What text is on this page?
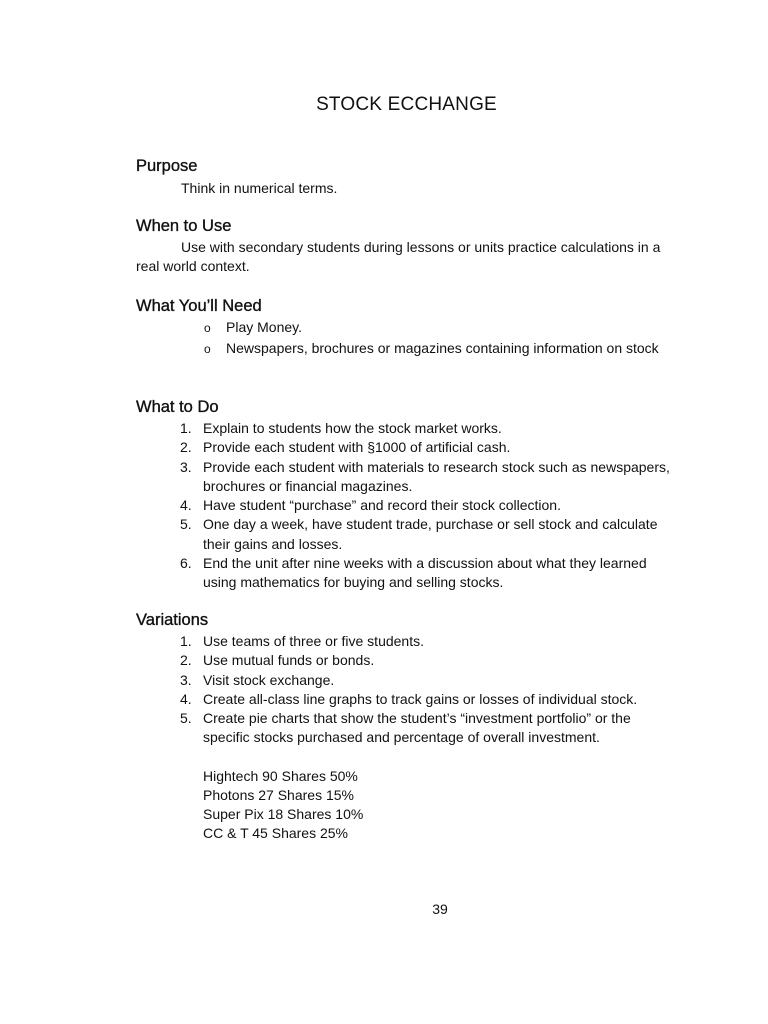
STOCK ECCHANGE
Purpose
Think in numerical terms.
When to Use
Use with secondary students during lessons or units practice calculations in a real world context.
What You’ll Need
o Play Money.
o Newspapers, brochures or magazines containing information on stock
What to Do
1. Explain to students how the stock market works.
2. Provide each student with §1000 of artificial cash.
3. Provide each student with materials to research stock such as newspapers, brochures or financial magazines.
4. Have student “purchase” and record their stock collection.
5. One day a week, have student trade, purchase or sell stock and calculate their gains and losses.
6. End the unit after nine weeks with a discussion about what they learned using mathematics for buying and selling stocks.
Variations
1. Use teams of three or five students.
2. Use mutual funds or bonds.
3. Visit stock exchange.
4. Create all-class line graphs to track gains or losses of individual stock.
5. Create pie charts that show the student’s “investment portfolio” or the specific stocks purchased and percentage of overall investment.
Hightech 90 Shares 50%
Photons 27 Shares 15%
Super Pix 18 Shares 10%
CC & T 45 Shares 25%
39
